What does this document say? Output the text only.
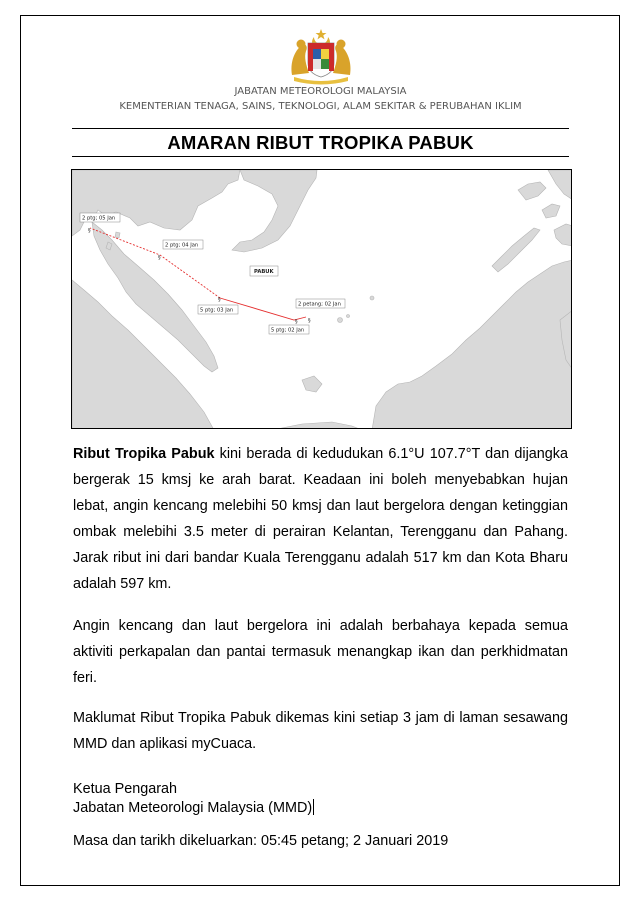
JABATAN METEOROLOGI MALAYSIA
KEMENTERIAN TENAGA, SAINS, TEKNOLOGI, ALAM SEKITAR & PERUBAHAN IKLIM
AMARAN RIBUT TROPIKA PABUK
§
§
§
§
§
2 petang; 02 Jan
5 ptg; 02 Jan
5 ptg; 03 Jan
2 ptg; 04 Jan
2 ptg; 05 Jan
PABUK

Ribut Tropika Pabuk kini berada di kedudukan 6.1°U 107.7°T dan dijangka bergerak 15 kmsj ke arah barat. Keadaan ini boleh menyebabkan hujan lebat, angin kencang melebihi 50 kmsj dan laut bergelora dengan ketinggian ombak melebihi 3.5 meter di perairan Kelantan, Terengganu dan Pahang. Jarak ribut ini dari bandar Kuala Terengganu adalah 517 km dan Kota Bharu adalah 597 km.

Angin kencang dan laut bergelora ini adalah berbahaya kepada semua aktiviti perkapalan dan pantai termasuk menangkap ikan dan perkhidmatan feri.

Maklumat Ribut Tropika Pabuk dikemas kini setiap 3 jam di laman sesawang MMD dan aplikasi myCuaca.

Ketua Pengarah
Jabatan Meteorologi Malaysia (MMD)
Masa dan tarikh dikeluarkan: 05:45 petang; 2 Januari 2019
